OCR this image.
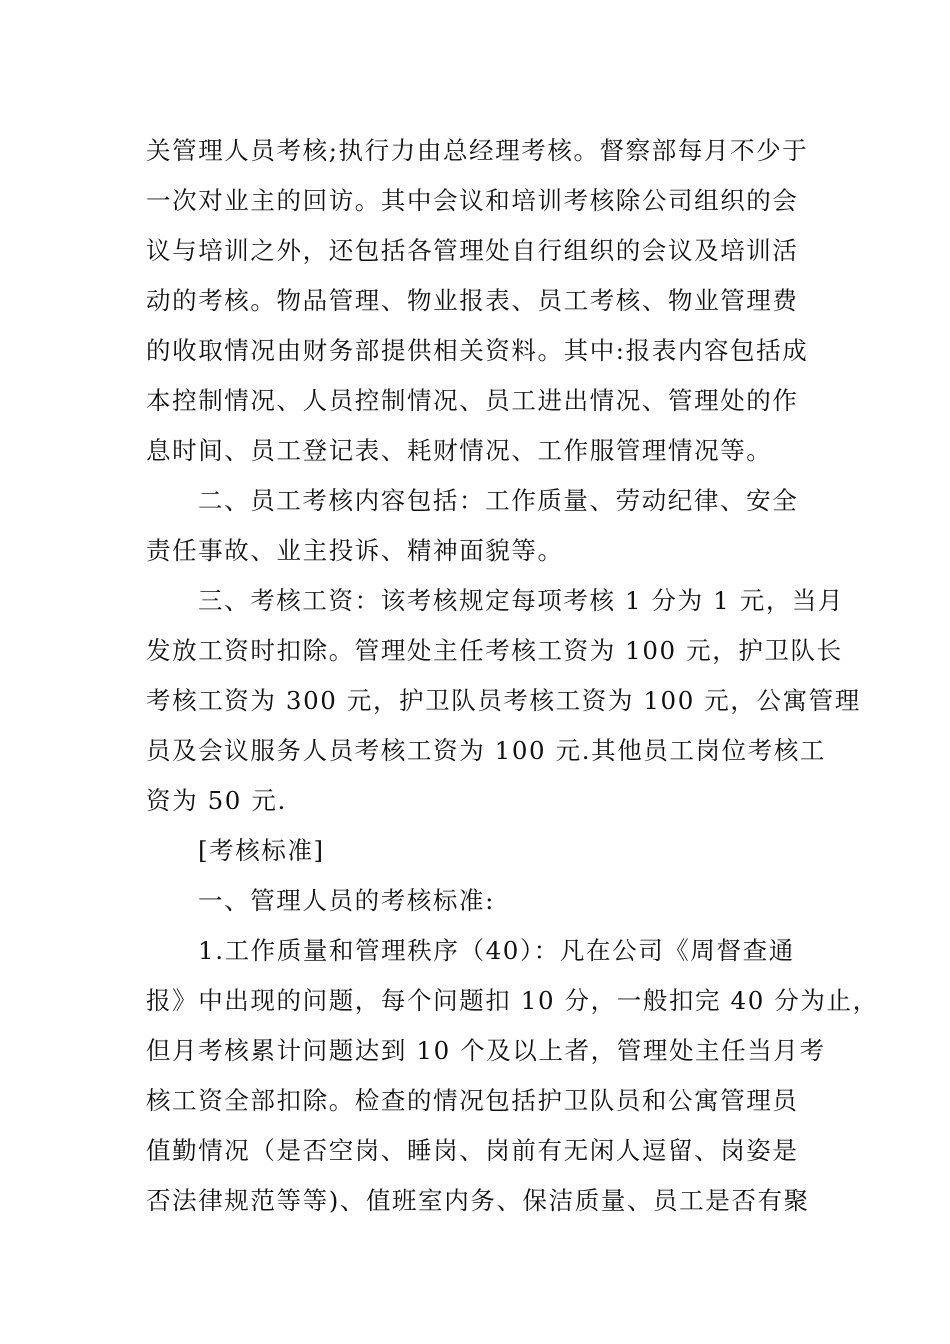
关管理人员考核;执行力由总经理考核。督察部每月不少于
一次对业主的回访。其中会议和培训考核除公司组织的会
议与培训之外，还包括各管理处自行组织的会议及培训活
动的考核。物品管理、物业报表、员工考核、物业管理费
的收取情况由财务部提供相关资料。其中:报表内容包括成
本控制情况、人员控制情况、员工进出情况、管理处的作
息时间、员工登记表、耗财情况、工作服管理情况等。
二、员工考核内容包括：工作质量、劳动纪律、安全
责任事故、业主投诉、精神面貌等。
三、考核工资：该考核规定每项考核 1 分为 1 元，当月
发放工资时扣除。管理处主任考核工资为 100 元，护卫队长
考核工资为 300 元，护卫队员考核工资为 100 元，公寓管理
员及会议服务人员考核工资为 100 元.其他员工岗位考核工
资为 50 元.
[考核标准]
一、管理人员的考核标准:
1.工作质量和管理秩序（40）：凡在公司《周督查通
报》中出现的问题，每个问题扣 10 分，一般扣完 40 分为止，
但月考核累计问题达到 10 个及以上者，管理处主任当月考
核工资全部扣除。检查的情况包括护卫队员和公寓管理员
值勤情况（是否空岗、睡岗、岗前有无闲人逗留、岗姿是
否法律规范等等)、值班室内务、保洁质量、员工是否有聚
